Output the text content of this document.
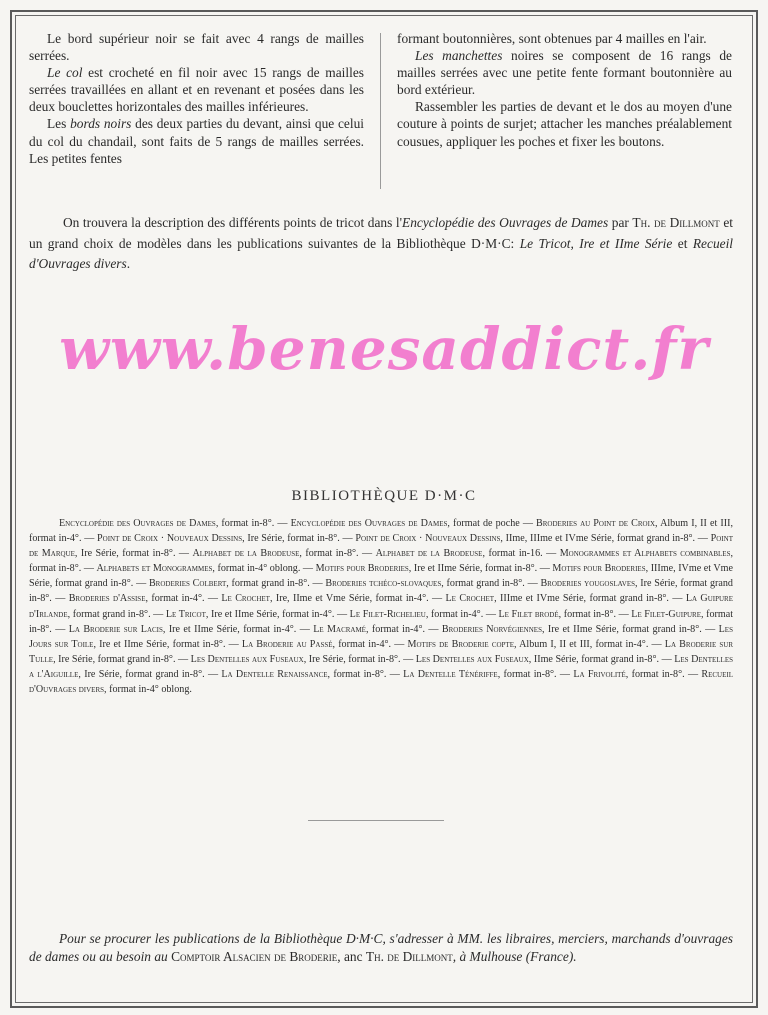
Le bord supérieur noir se fait avec 4 rangs de mailles serrées.

Le col est crocheté en fil noir avec 15 rangs de mailles serrées travaillées en allant et en revenant et posées dans les deux bouclettes horizontales des mailles inférieures.

Les bords noirs des deux parties du devant, ainsi que celui du col du chandail, sont faits de 5 rangs de mailles serrées. Les petites fentes

formant boutonnières, sont obtenues par 4 mailles en l'air.

Les manchettes noires se composent de 16 rangs de mailles serrées avec une petite fente formant boutonnière au bord extérieur.

Rassembler les parties de devant et le dos au moyen d'une couture à points de surjet; attacher les manches préalablement cousues, appliquer les poches et fixer les boutons.

On trouvera la description des différents points de tricot dans l'Encyclopédie des Ouvrages de Dames par Th. de Dillmont et un grand choix de modèles dans les publications suivantes de la Bibliothèque D·M·C: Le Tricot, Ire et IIme Série et Recueil d'Ouvrages divers.

www.benesaddict.fr
BIBLIOTHÈQUE D·M·C

Encyclopédie des Ouvrages de Dames, format in-8°. — Encyclopédie des Ouvrages de Dames, format de poche — Broderies au Point de Croix, Album I, II et III, format in-4°. — Point de Croix · Nouveaux Dessins, Ire Série, format in-8°. — Point de Croix · Nouveaux Dessins, IIme, IIIme et IVme Série, format grand in-8°. — Point de Marque, Ire Série, format in-8°. — Alphabet de la Brodeuse, format in-8°. — Alphabet de la Brodeuse, format in-16. — Monogrammes et Alphabets combinables, format in-8°. — Alphabets et Monogrammes, format in-4° oblong. — Motifs pour Broderies, Ire et IIme Série, format in-8°. — Motifs pour Broderies, IIIme, IVme et Vme Série, format grand in-8°. — Broderies Colbert, format grand in-8°. — Broderies tchéco-slovaques, format grand in-8°. — Broderies yougoslaves, Ire Série, format grand in-8°. — Broderies d'Assise, format in-4°. — Le Crochet, Ire, IIme et Vme Série, format in-4°. — Le Crochet, IIIme et IVme Série, format grand in-8°. — La Guipure d'Irlande, format grand in-8°. — Le Tricot, Ire et IIme Série, format in-4°. — Le Filet-Richelieu, format in-4°. — Le Filet brodé, format in-8°. — Le Filet-Guipure, format in-8°. — La Broderie sur Lacis, Ire et IIme Série, format in-4°. — Le Macramé, format in-4°. — Broderies Norvégiennes, Ire et IIme Série, format grand in-8°. — Les Jours sur Toile, Ire et IIme Série, format in-8°. — La Broderie au Passé, format in-4°. — Motifs de Broderie copte, Album I, II et III, format in-4°. — La Broderie sur Tulle, Ire Série, format grand in-8°. — Les Dentelles aux Fuseaux, Ire Série, format in-8°. — Les Dentelles aux Fuseaux, IIme Série, format grand in-8°. — Les Dentelles a l'Aiguille, Ire Série, format grand in-8°. — La Dentelle Renaissance, format in-8°. — La Dentelle Ténériffe, format in-8°. — La Frivolité, format in-8°. — Recueil d'Ouvrages divers, format in-4° oblong.

Pour se procurer les publications de la Bibliothèque D·M·C, s'adresser à MM. les libraires, merciers, marchands d'ouvrages de dames ou au besoin au Comptoir Alsacien de Broderie, anc Th. de Dillmont, à Mulhouse (France).
